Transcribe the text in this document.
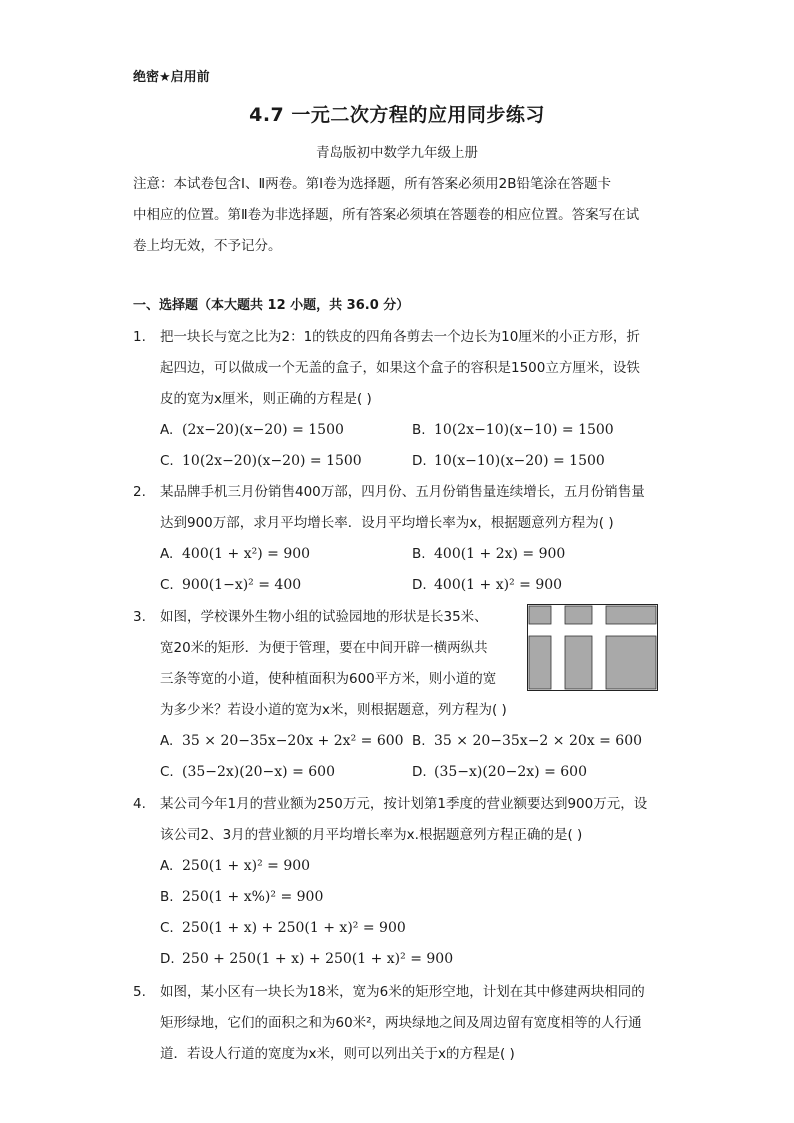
绝密★启用前
4.7 一元二次方程的应用同步练习
青岛版初中数学九年级上册
注意：本试卷包含Ⅰ、Ⅱ两卷。第Ⅰ卷为选择题，所有答案必须用2B铅笔涂在答题卡
中相应的位置。第Ⅱ卷为非选择题，所有答案必须填在答题卷的相应位置。答案写在试
卷上均无效，不予记分。
一、选择题（本大题共 12 小题，共 36.0 分）
1.	把一块长与宽之比为2：1的铁皮的四角各剪去一个边长为10厘米的小正方形，折
起四边，可以做成一个无盖的盒子，如果这个盒子的容积是1500立方厘米，设铁
皮的宽为x厘米，则正确的方程是( )
A. (2x−20)(x−20) = 1500	B. 10(2x−10)(x−10) = 1500
C. 10(2x−20)(x−20) = 1500	D. 10(x−10)(x−20) = 1500
2.	某品牌手机三月份销售400万部，四月份、五月份销售量连续增长，五月份销售量
达到900万部，求月平均增长率．设月平均增长率为x，根据题意列方程为( )
A. 400(1 + x²) = 900	B. 400(1 + 2x) = 900
C. 900(1−x)² = 400	D. 400(1 + x)² = 900
3.	如图，学校课外生物小组的试验园地的形状是长35米、
宽20米的矩形．为便于管理，要在中间开辟一横两纵共
三条等宽的小道，使种植面积为600平方米，则小道的宽
为多少米？若设小道的宽为x米，则根据题意，列方程为( )
A. 35 × 20−35x−20x + 2x² = 600 B. 35 × 20−35x−2 × 20x = 600
C. (35−2x)(20−x) = 600	D. (35−x)(20−2x) = 600
4.	某公司今年1月的营业额为250万元，按计划第1季度的营业额要达到900万元，设
该公司2、3月的营业额的月平均增长率为x.根据题意列方程正确的是( )
A. 250(1 + x)² = 900
B. 250(1 + x%)² = 900
C. 250(1 + x) + 250(1 + x)² = 900
D. 250 + 250(1 + x) + 250(1 + x)² = 900
5.	如图，某小区有一块长为18米，宽为6米的矩形空地，计划在其中修建两块相同的
矩形绿地，它们的面积之和为60米²，两块绿地之间及周边留有宽度相等的人行通
道．若设人行道的宽度为x米，则可以列出关于x的方程是( )
